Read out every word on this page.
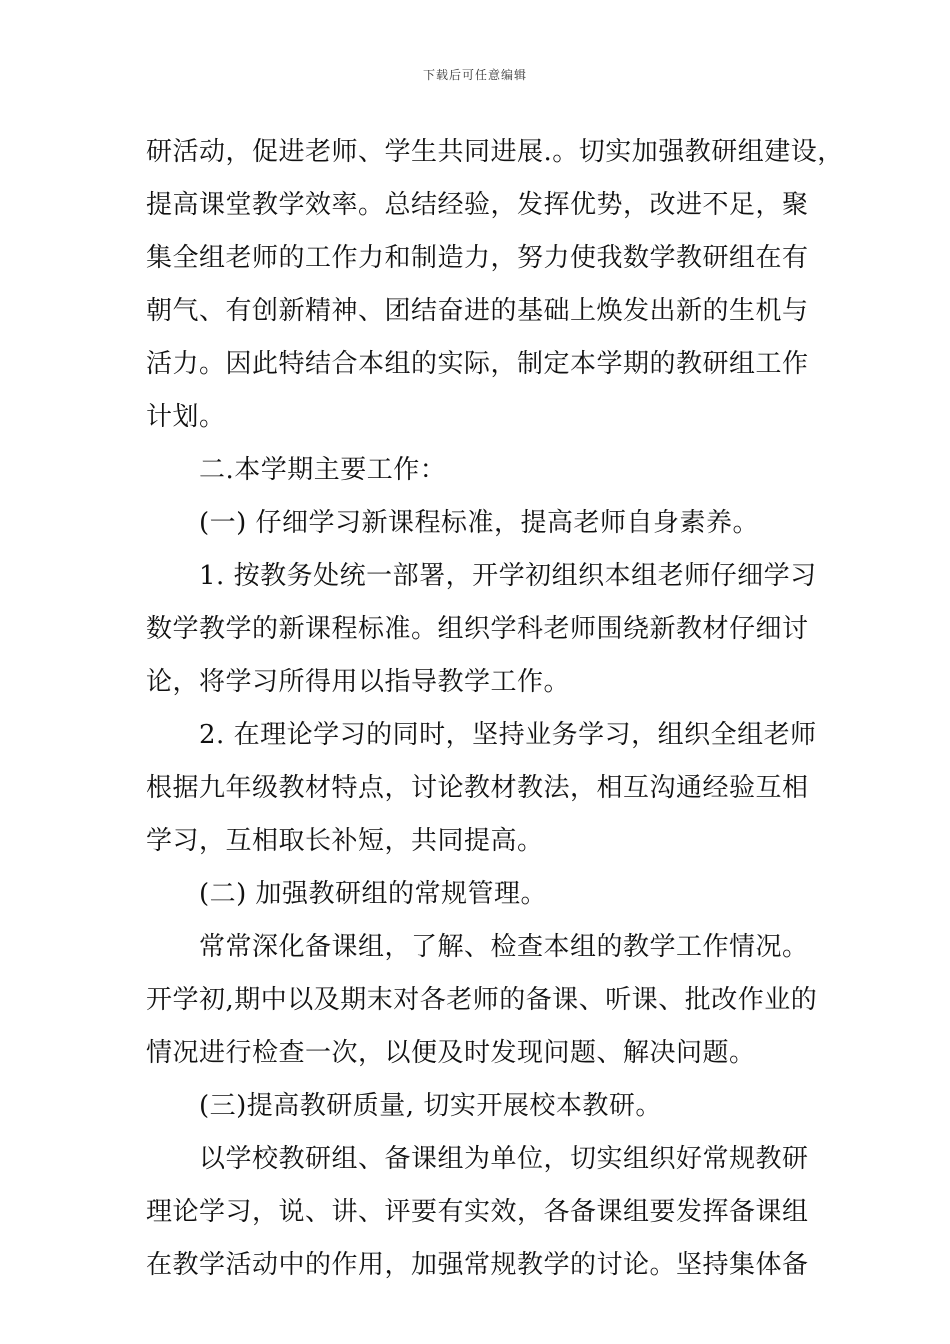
下载后可任意编辑
研活动，促进老师、学生共同进展.。切实加强教研组建设，
提高课堂教学效率。总结经验，发挥优势，改进不足，聚
集全组老师的工作力和制造力，努力使我数学教研组在有
朝气、有创新精神、团结奋进的基础上焕发出新的生机与
活力。因此特结合本组的实际，制定本学期的教研组工作
计划。
二.本学期主要工作：
(一) 仔细学习新课程标准，提高老师自身素养。
1. 按教务处统一部署，开学初组织本组老师仔细学习
数学教学的新课程标准。组织学科老师围绕新教材仔细讨
论，将学习所得用以指导教学工作。
2. 在理论学习的同时，坚持业务学习，组织全组老师
根据九年级教材特点，讨论教材教法，相互沟通经验互相
学习，互相取长补短，共同提高。
(二) 加强教研组的常规管理。
常常深化备课组，了解、检查本组的教学工作情况。
开学初,期中以及期末对各老师的备课、听课、批改作业的
情况进行检查一次，以便及时发现问题、解决问题。
(三)提高教研质量, 切实开展校本教研。
以学校教研组、备课组为单位，切实组织好常规教研
理论学习，说、讲、评要有实效，各备课组要发挥备课组
在教学活动中的作用，加强常规教学的讨论。坚持集体备
